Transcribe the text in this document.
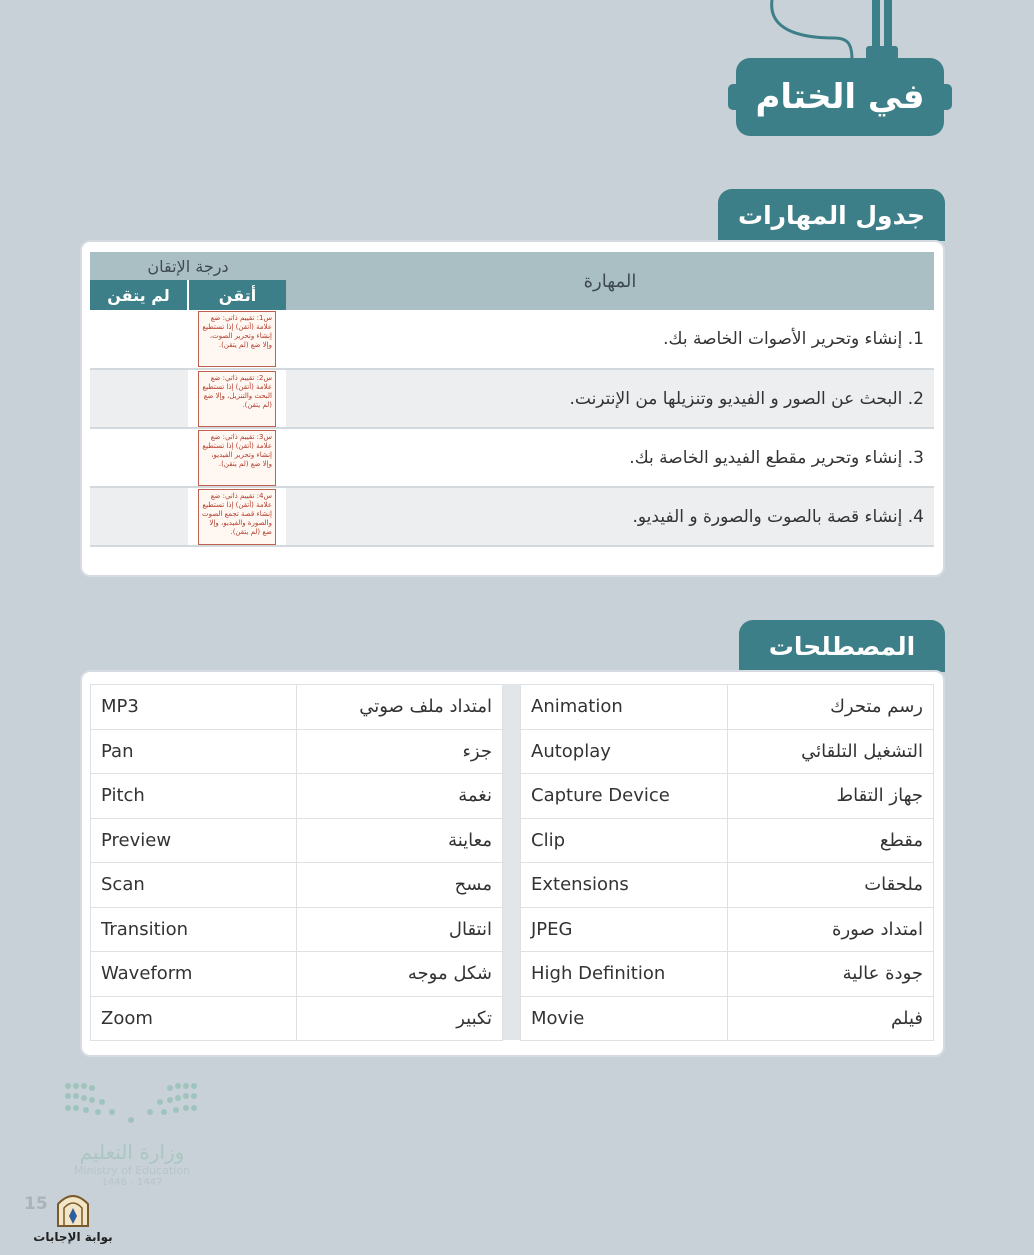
في الختام
جدول المهارات
المهارة	درجة الإتقان	
	أتقن	لم يتقن
1. إنشاء وتحرير الأصوات الخاصة بك.	س1: تقييم ذاتي: ضع علامة (أتقن) إذا تستطيع إنشاء وتحرير الصوت، وإلا ضع (لم يتقن).	

2. البحث عن الصور و الفيديو وتنزيلها من الإنترنت.	س2: تقييم ذاتي: ضع علامة (أتقن) إذا تستطيع البحث والتنزيل، وإلا ضع (لم يتقن).	

3. إنشاء وتحرير مقطع الفيديو الخاصة بك.	س3: تقييم ذاتي: ضع علامة (أتقن) إذا تستطيع إنشاء وتحرير الفيديو، وإلا ضع (لم يتقن).	

4. إنشاء قصة بالصوت والصورة و الفيديو.	س4: تقييم ذاتي: ضع علامة (أتقن) إذا تستطيع إنشاء قصة تجمع الصوت والصورة والفيديو، وإلا ضع (لم يتقن).	

المصطلحات
MP3	امتداد ملف صوتي
Pan	جزء
Pitch	نغمة
Preview	معاينة
Scan	مسح
Transition	انتقال
Waveform	شكل موجه
Zoom	تكبير
Animation	رسم متحرك
Autoplay	التشغيل التلقائي
Capture Device	جهاز التقاط
Clip	مقطع
Extensions	ملحقات
JPEG	امتداد صورة
High Definition	جودة عالية
Movie	فيلم
وزارة التعليم
Ministry of Education
1446 - 1447
15
بوابة الإجابات
